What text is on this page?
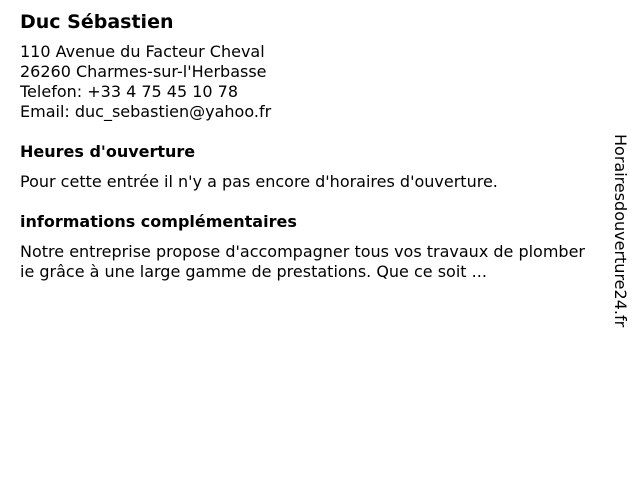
Duc Sébastien
110 Avenue du Facteur Cheval
26260 Charmes-sur-l'Herbasse
Telefon: +33 4 75 45 10 78
Email: duc_sebastien@yahoo.fr
Heures d'ouverture

Pour cette entrée il n'y a pas encore d'horaires d'ouverture.

informations complémentaires

Notre entreprise propose d'accompagner tous vos travaux de plomberie grâce à une large gamme de prestations. Que ce soit ...	Horairesdouverture24.fr
